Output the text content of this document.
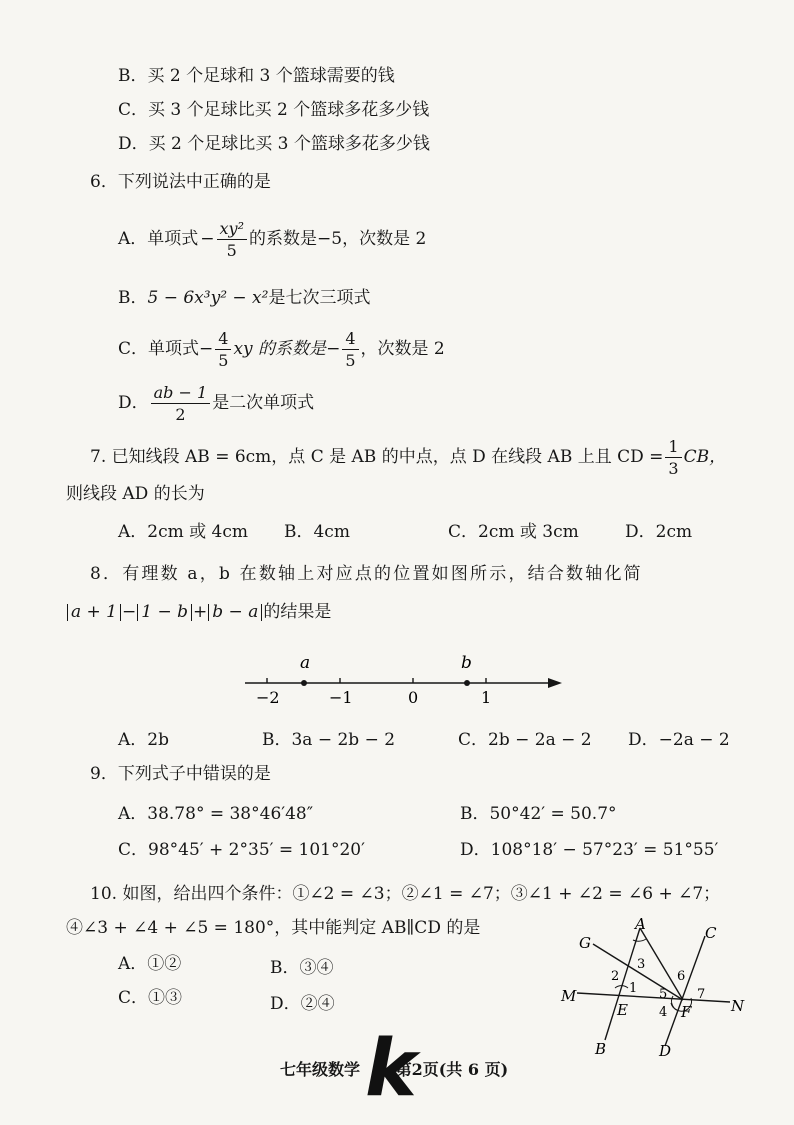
B．买 2 个足球和 3 个篮球需要的钱
C．买 3 个足球比买 2 个篮球多花多少钱
D．买 2 个足球比买 3 个篮球多花多少钱
6．下列说法中正确的是
A．单项式 − $\frac{\text{xy²}}{5}$ 的系数是−5，次数是 2
B．5 − 6x³y² − x²是七次三项式
C．单项式− $\frac{4}{5}$ xy 的系数是− $\frac{4}{5}$ ，次数是 2
D． $\frac{ab - 1}{2}$ 是二次单项式
7. 已知线段 AB = 6cm，点 C 是 AB 的中点，点 D 在线段 AB 上且 CD = $\frac{1}{3}$ CB，
则线段 AD 的长为
A．2cm 或 4cm B．4cm	C．2cm 或 3cm	D．2cm
8．有理数 a，b 在数轴上对应点的位置如图所示，结合数轴化简
a + 1 − 1 − b + b − a 的结果是
a	b
−2	−1	0	1
A．2b	B．3a − 2b − 2	C．2b − 2a − 2 D．−2a − 2
9．下列式子中错误的是
A．38.78° = 38°46′48″	B．50°42′ = 50.7°
C．98°45′ + 2°35′ = 101°20′	D．108°18′ − 57°23′ = 51°55′
10. 如图，给出四个条件：①∠2 = ∠3；②∠1 = ∠7；③∠1 + ∠2 = ∠6 + ∠7；
④∠3 + ∠4 + ∠5 = 180°，其中能判定 AB∥CD 的是
A．①②	B．③④
C．①③	D．②④
A
B
C
D
E	F
G
M
N
1
2
3
4
5
6
7
七年级数学 第2页(共 6 页)
k
